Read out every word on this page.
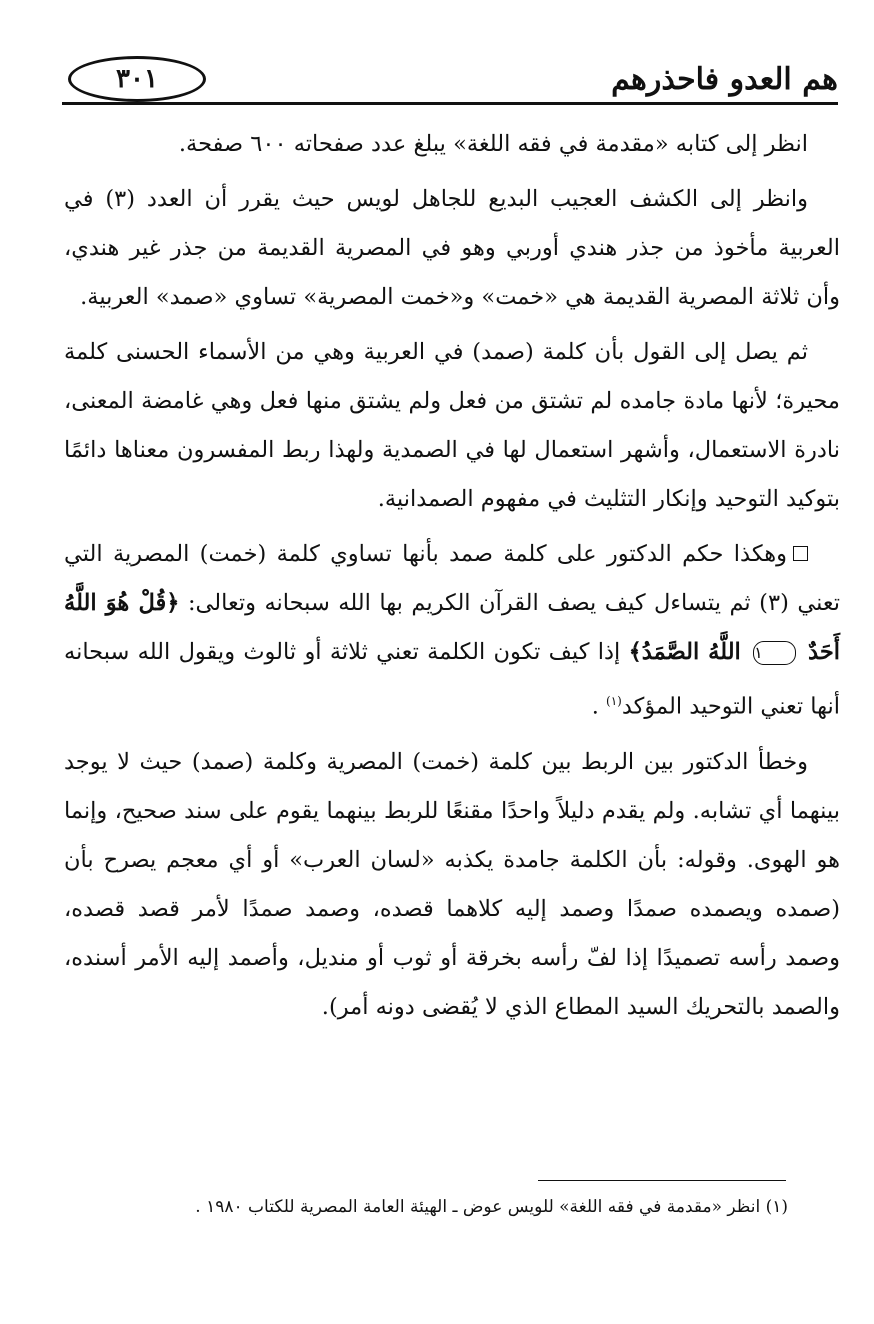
٣٠١	هم العدو فاحذرهم

انظر إلى كتابه «مقدمة في فقه اللغة» يبلغ عدد صفحاته ٦٠٠ صفحة.

وانظر إلى الكشف العجيب البديع للجاهل لويس حيث يقرر أن العدد (٣) في العربية مأخوذ من جذر هندي أوربي وهو في المصرية القديمة من جذر غير هندي، وأن ثلاثة المصرية القديمة هي «خمت» و«خمت المصرية» تساوي «صمد» العربية.

ثم يصل إلى القول بأن كلمة (صمد) في العربية وهي من الأسماء الحسنى كلمة محيرة؛ لأنها مادة جامده لم تشتق من فعل ولم يشتق منها فعل وهي غامضة المعنى، نادرة الاستعمال، وأشهر استعمال لها في الصمدية ولهذا ربط المفسرون معناها دائمًا بتوكيد التوحيد وإنكار التثليث في مفهوم الصمدانية.

وهكذا حكم الدكتور على كلمة صمد بأنها تساوي كلمة (خمت) المصرية التي تعني (٣) ثم يتساءل كيف يصف القرآن الكريم بها الله سبحانه وتعالى: ﴿قُلْ هُوَ اللَّهُ أَحَدٌ ١ اللَّهُ الصَّمَدُ﴾ إذا كيف تكون الكلمة تعني ثلاثة أو ثالوث ويقول الله سبحانه أنها تعني التوحيد المؤكد$^{(١)}$ .

وخطأ الدكتور بين الربط بين كلمة (خمت) المصرية وكلمة (صمد) حيث لا يوجد بينهما أي تشابه. ولم يقدم دليلاً واحدًا مقنعًا للربط بينهما يقوم على سند صحيح، وإنما هو الهوى. وقوله: بأن الكلمة جامدة يكذبه «لسان العرب» أو أي معجم يصرح بأن (صمده ويصمده صمدًا وصمد إليه كلاهما قصده، وصمد صمدًا لأمر قصد قصده، وصمد رأسه تصميدًا إذا لفّ رأسه بخرقة أو ثوب أو منديل، وأصمد إليه الأمر أسنده، والصمد بالتحريك السيد المطاع الذي لا يُقضى دونه أمر).

(١) انظر «مقدمة في فقه اللغة» للويس عوض ـ الهيئة العامة المصرية للكتاب ١٩٨٠ .
